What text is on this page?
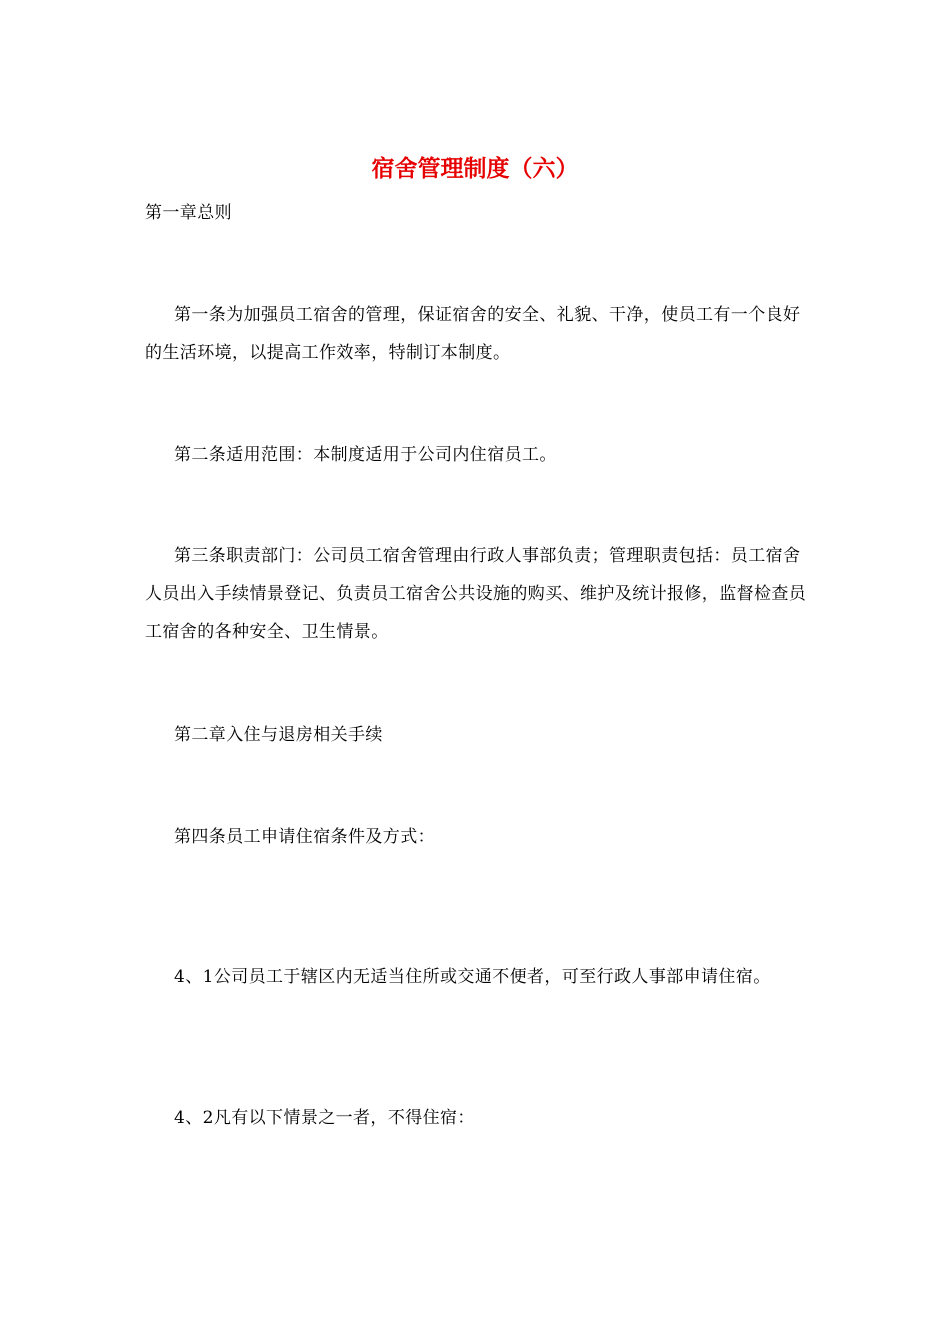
宿舍管理制度（六）
第一章总则
第一条为加强员工宿舍的管理，保证宿舍的安全、礼貌、干净，使员工有一个良好的生活环境，以提高工作效率，特制订本制度。
第二条适用范围：本制度适用于公司内住宿员工。
第三条职责部门：公司员工宿舍管理由行政人事部负责；管理职责包括：员工宿舍人员出入手续情景登记、负责员工宿舍公共设施的购买、维护及统计报修，监督检查员工宿舍的各种安全、卫生情景。
第二章入住与退房相关手续
第四条员工申请住宿条件及方式：
4、1公司员工于辖区内无适当住所或交通不便者，可至行政人事部申请住宿。
4、2凡有以下情景之一者，不得住宿：
